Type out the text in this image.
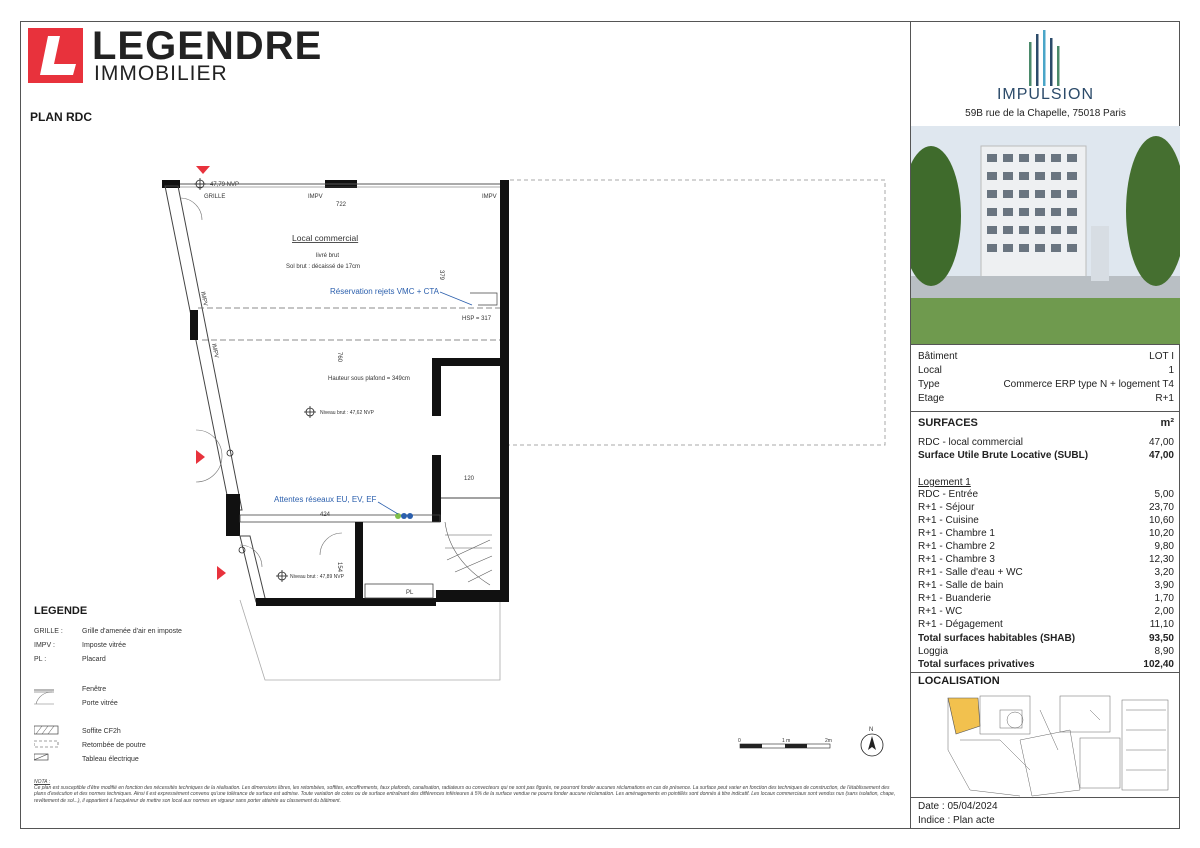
LEGENDRE
IMMOBILIER
PLAN RDC
Local commercial
livré brut
Sol brut : décaissé de 17cm
Réservation rejets VMC + CTA
HSP = 317
Hauteur sous plafond = 349cm
Niveau brut : 47,62 NVP
Niveau brut : 47,89 NVP
47,79 NVP
Attentes réseaux EU, EV, EF
GRILLE	IMPV	IMPV
IMPV
IMPV
722
379
760
120
424
154
PL
0	1 m	2m
N
LEGENDE
GRILLE :	Grille d'amenée d'air en imposte
IMPV :	Imposte vitrée
PL :	Placard
Fenêtre
Porte vitrée
Soffite CF2h
Retombée de poutre
Tableau électrique
NOTA :
Ce plan est susceptible d'être modifié en fonction des nécessités techniques de la réalisation. Les dimensions libres, les retombées, soffites, encoffrements, faux plafonds, canalisation, radiateurs ou convecteurs qui ne sont pas figurés, ne pourront fonder aucunes réclamations en cas de présence. La surface peut varier en fonction des techniques de construction, de l'établissement des plans d'exécution et des normes techniques. Ainsi il est expressément convenu qu'une tolérance de surface est admise. Toute variation de cotes ou de surface entraînant des différences inférieures à 5% de la surface vendue ne pourra fonder aucune réclamation. Les aménagements en pointillés sont donnés à titre indicatif. Les locaux commerciaux sont vendus nus (sans isolation, chape, revêtement de sol...), il appartient à l'acquéreur de mettre son local aux normes en vigueur sans porter atteinte au classement du bâtiment.
IMPULSION
59B rue de la Chapelle, 75018 Paris
Bâtiment	LOT I
Local	1
Type	Commerce ERP type N + logement T4
Etage	R+1
SURFACES	m²
RDC - local commercial	47,00
Surface Utile Brute Locative (SUBL)	47,00
Logement 1
RDC - Entrée	5,00
R+1 - Séjour	23,70
R+1 - Cuisine	10,60
R+1 - Chambre 1	10,20
R+1 - Chambre 2	9,80
R+1 - Chambre 3	12,30
R+1 - Salle d'eau + WC	3,20
R+1 - Salle de bain	3,90
R+1 - Buanderie	1,70
R+1 - WC	2,00
R+1 - Dégagement	11,10
Total surfaces habitables (SHAB)	93,50
Loggia	8,90
Total surfaces privatives	102,40
LOCALISATION
Date : 05/04/2024
Indice : Plan acte
